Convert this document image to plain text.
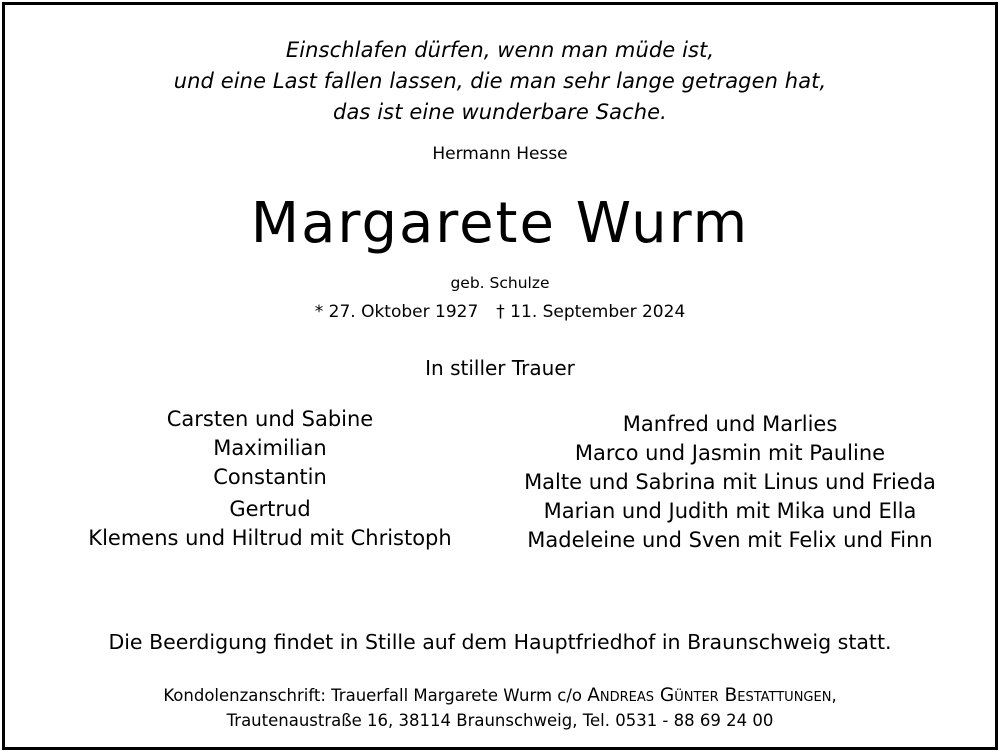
Einschlafen dürfen, wenn man müde ist,
und eine Last fallen lassen, die man sehr lange getragen hat,
das ist eine wunderbare Sache.
Hermann Hesse
Margarete Wurm
geb. Schulze
* 27. Oktober 1927 † 11. September 2024
In stiller Trauer
Carsten und Sabine
Maximilian
Constantin
Gertrud
Klemens und Hiltrud mit Christoph
Manfred und Marlies
Marco und Jasmin mit Pauline
Malte und Sabrina mit Linus und Frieda
Marian und Judith mit Mika und Ella
Madeleine und Sven mit Felix und Finn
Die Beerdigung findet in Stille auf dem Hauptfriedhof in Braunschweig statt.
Kondolenzanschrift: Trauerfall Margarete Wurm c/o Andreas Günter Bestattungen,
Trautenaustraße 16, 38114 Braunschweig, Tel. 0531 - 88 69 24 00
